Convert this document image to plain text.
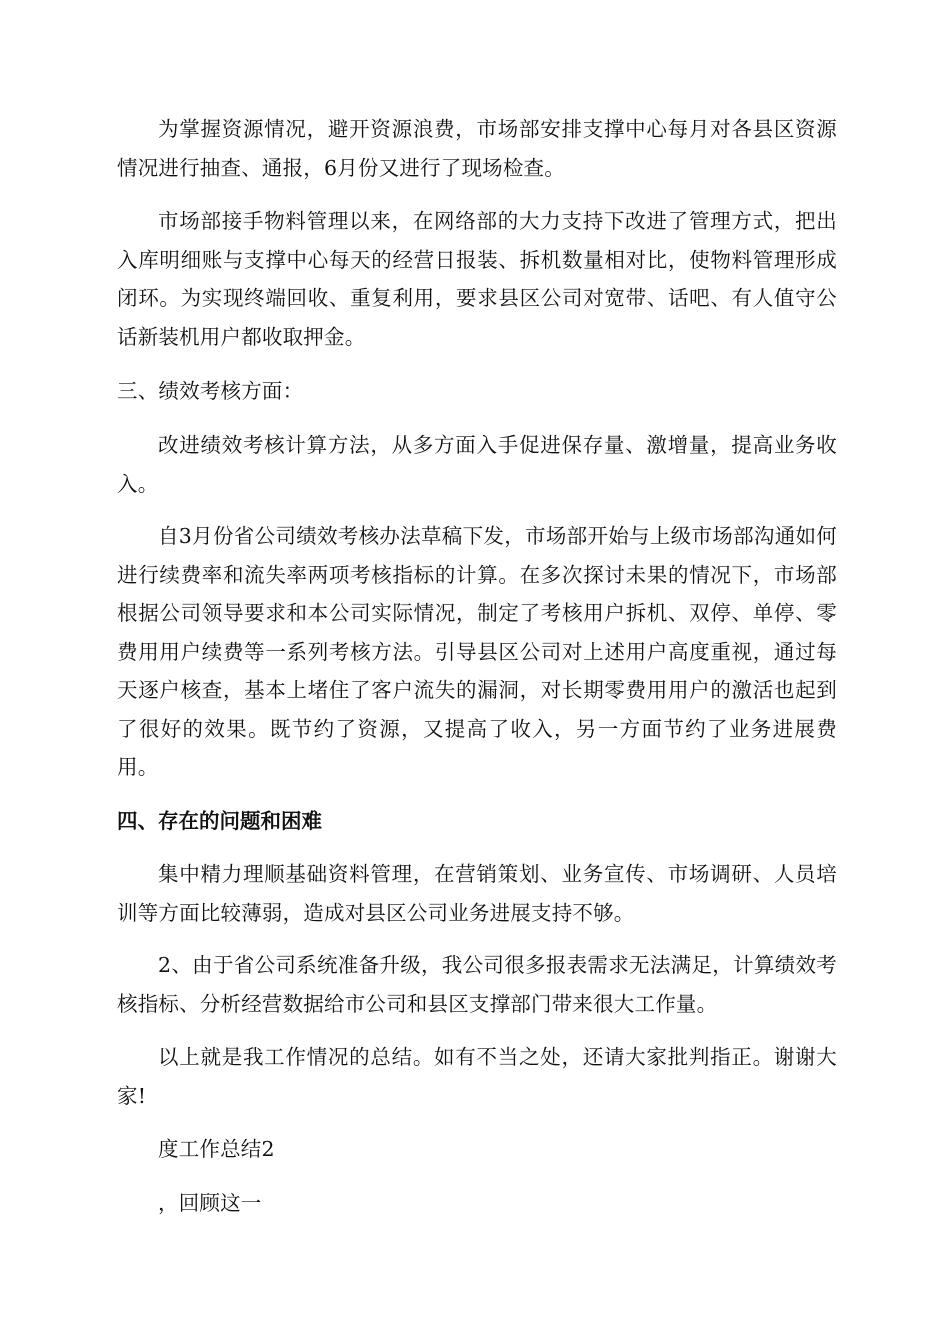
为掌握资源情况，避开资源浪费，市场部安排支撑中心每月对各县区资源情况进行抽查、通报，6月份又进行了现场检查。

市场部接手物料管理以来，在网络部的大力支持下改进了管理方式，把出入库明细账与支撑中心每天的经营日报装、拆机数量相对比，使物料管理形成闭环。为实现终端回收、重复利用，要求县区公司对宽带、话吧、有人值守公话新装机用户都收取押金。

三、绩效考核方面：

改进绩效考核计算方法，从多方面入手促进保存量、激增量，提高业务收入。

自3月份省公司绩效考核办法草稿下发，市场部开始与上级市场部沟通如何进行续费率和流失率两项考核指标的计算。在多次探讨未果的情况下，市场部根据公司领导要求和本公司实际情况，制定了考核用户拆机、双停、单停、零费用用户续费等一系列考核方法。引导县区公司对上述用户高度重视，通过每天逐户核查，基本上堵住了客户流失的漏洞，对长期零费用用户的激活也起到了很好的效果。既节约了资源，又提高了收入，另一方面节约了业务进展费用。

四、存在的问题和困难

集中精力理顺基础资料管理，在营销策划、业务宣传、市场调研、人员培训等方面比较薄弱，造成对县区公司业务进展支持不够。

2、由于省公司系统准备升级，我公司很多报表需求无法满足，计算绩效考核指标、分析经营数据给市公司和县区支撑部门带来很大工作量。

以上就是我工作情况的总结。如有不当之处，还请大家批判指正。谢谢大家!

度工作总结2

，回顾这一
